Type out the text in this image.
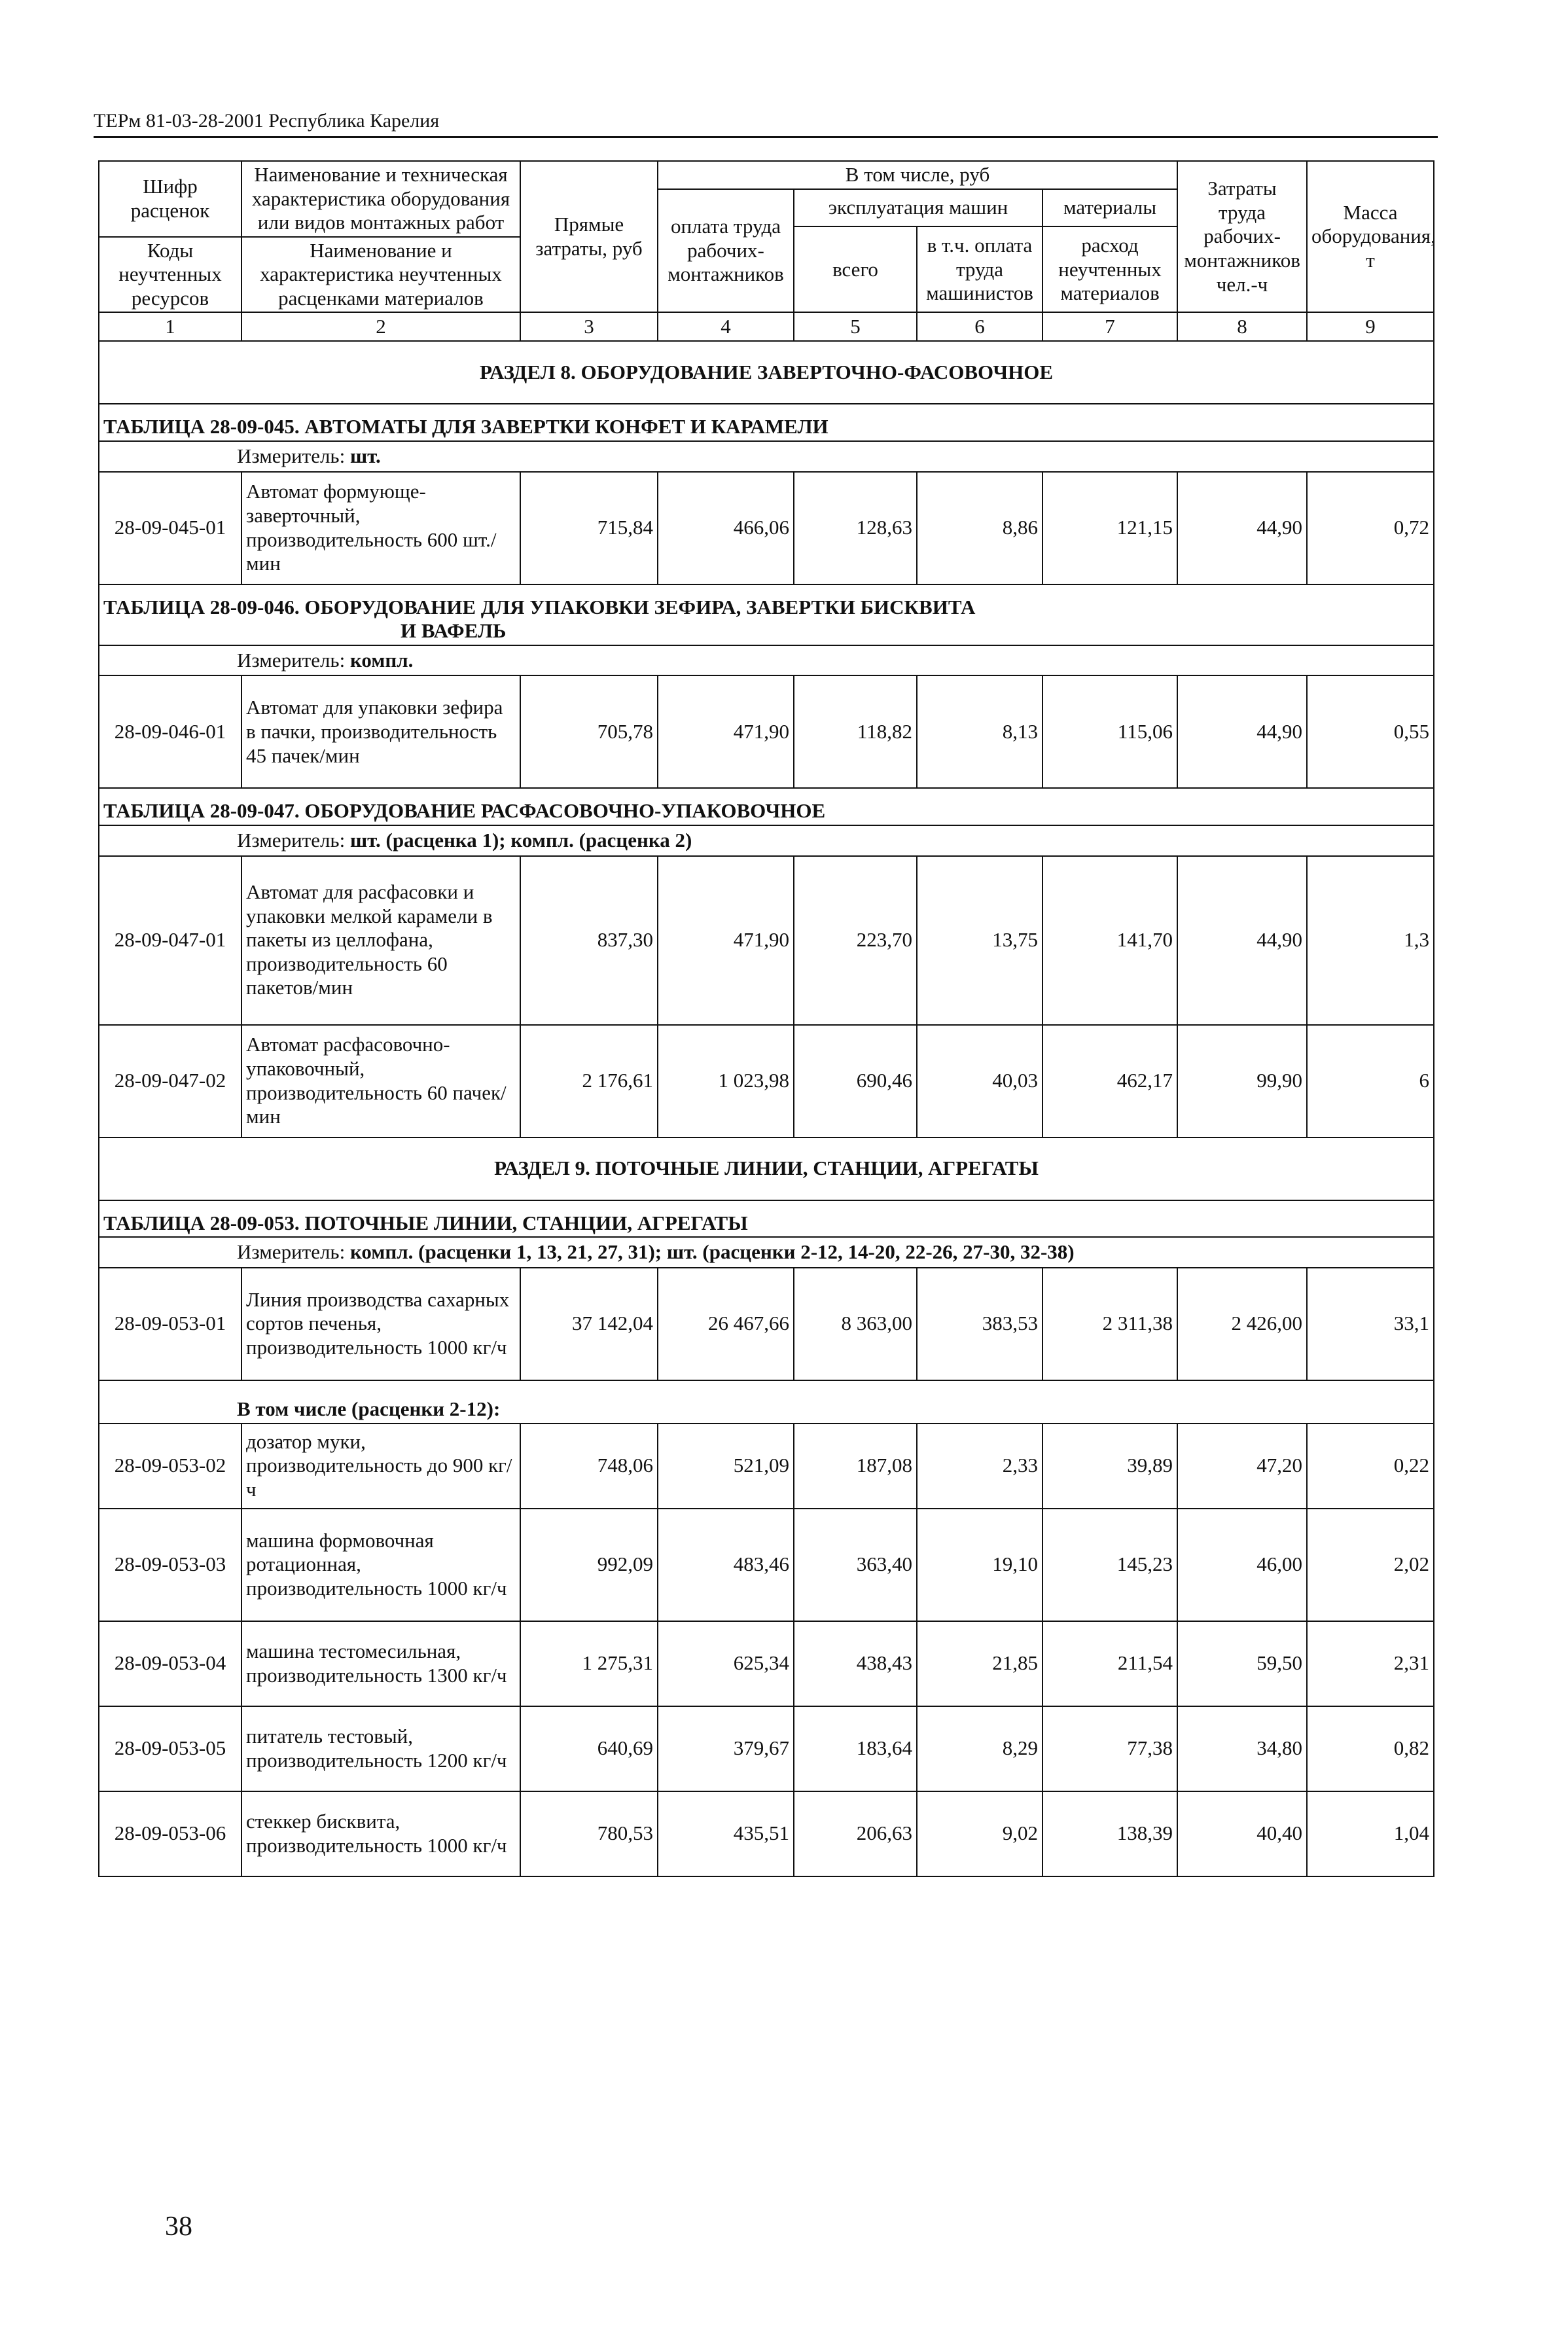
ТЕРм 81-03-28-2001 Республика Карелия
Шифр расценок	Наименование и техническая характеристика оборудования или видов монтажных работ	Прямые затраты, руб	В том числе, руб				Затраты труда рабочих-монтажников чел.-ч	Масса оборудования, т
			оплата труда рабочих-монтажников	эксплуатация машин		материалы		
				всего	в т.ч. оплата труда машинистов	расход неучтенных материалов		
Коды неучтенных ресурсов	Наименование и характеристика неучтенных расценками материалов							

1	2	3	4	5	6	7	8	9
РАЗДЕЛ 8. ОБОРУДОВАНИЕ ЗАВЕРТОЧНО-ФАСОВОЧНОЕ								
ТАБЛИЦА 28-09-045. АВТОМАТЫ ДЛЯ ЗАВЕРТКИ КОНФЕТ И КАРАМЕЛИ								
Измеритель: шт.								
28-09-045-01	Автомат формующе-заверточный, производительность 600 шт./мин	715,84	466,06	128,63	8,86	121,15	44,90	0,72

ТАБЛИЦА 28-09-046. ОБОРУДОВАНИЕ ДЛЯ УПАКОВКИ ЗЕФИРА, ЗАВЕРТКИ БИСКВИТА
И ВАФЕЛЬ								

Измеритель: компл.								
28-09-046-01	Автомат для упаковки зефира в пачки, производительность 45 пачек/мин	705,78	471,90	118,82	8,13	115,06	44,90	0,55
ТАБЛИЦА 28-09-047. ОБОРУДОВАНИЕ РАСФАСОВОЧНО-УПАКОВОЧНОЕ								
Измеритель: шт. (расценка 1); компл. (расценка 2)								
28-09-047-01	Автомат для расфасовки и упаковки мелкой карамели в пакеты из целлофана, производительность 60 пакетов/мин	837,30	471,90	223,70	13,75	141,70	44,90	1,3
28-09-047-02	Автомат расфасовочно-упаковочный, производительность 60 пачек/мин	2 176,61	1 023,98	690,46	40,03	462,17	99,90	6
РАЗДЕЛ 9. ПОТОЧНЫЕ ЛИНИИ, СТАНЦИИ, АГРЕГАТЫ								
ТАБЛИЦА 28-09-053. ПОТОЧНЫЕ ЛИНИИ, СТАНЦИИ, АГРЕГАТЫ								
Измеритель: компл. (расценки 1, 13, 21, 27, 31); шт. (расценки 2-12, 14-20, 22-26, 27-30, 32-38)								
28-09-053-01	Линия производства сахарных сортов печенья, производительность 1000 кг/ч	37 142,04	26 467,66	8 363,00	383,53	2 311,38	2 426,00	33,1
В том числе (расценки 2-12):								
28-09-053-02	дозатор муки, производительность до 900 кг/ч	748,06	521,09	187,08	2,33	39,89	47,20	0,22
28-09-053-03	машина формовочная ротационная, производительность 1000 кг/ч	992,09	483,46	363,40	19,10	145,23	46,00	2,02
28-09-053-04	машина тестомесильная, производительность 1300 кг/ч	1 275,31	625,34	438,43	21,85	211,54	59,50	2,31
28-09-053-05	питатель тестовый, производительность 1200 кг/ч	640,69	379,67	183,64	8,29	77,38	34,80	0,82
28-09-053-06	стеккер бисквита, производительность 1000 кг/ч	780,53	435,51	206,63	9,02	138,39	40,40	1,04
38
